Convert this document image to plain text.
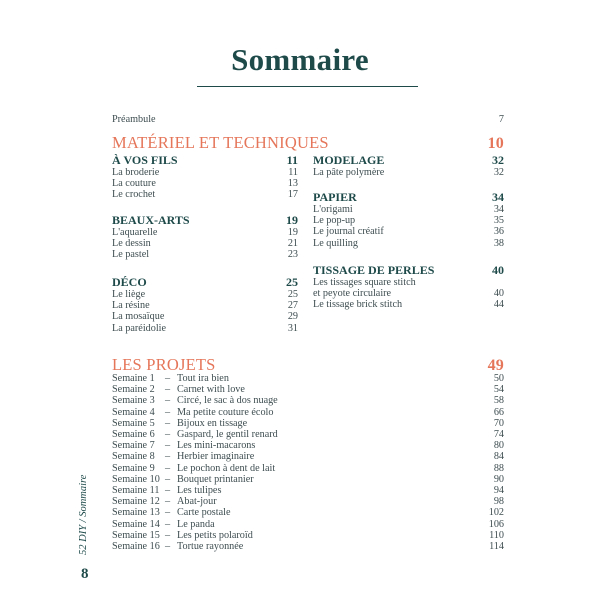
Sommaire
Préambule	7
MATÉRIEL ET TECHNIQUES	10
À VOS FILS	11
La broderie	11
La couture	13
Le crochet	17
BEAUX-ARTS	19
L'aquarelle	19
Le dessin	21
Le pastel	23
DÉCO	25
Le liège	25
La résine	27
La mosaïque	29
La paréidolie	31
MODELAGE	32
La pâte polymère	32
PAPIER	34
L'origami	34
Le pop-up	35
Le journal créatif	36
Le quilling	38
TISSAGE DE PERLES	40
Les tissages square stitch
et peyote circulaire	40
Le tissage brick stitch	44
LES PROJETS	49
Semaine 1	– Tout ira bien	50
Semaine 2	– Carnet with love	54
Semaine 3	– Circé, le sac à dos nuage	58
Semaine 4	– Ma petite couture écolo	66
Semaine 5	– Bijoux en tissage	70
Semaine 6	– Gaspard, le gentil renard	74
Semaine 7	– Les mini-macarons	80
Semaine 8	– Herbier imaginaire	84
Semaine 9	– Le pochon à dent de lait	88
Semaine 10 – Bouquet printanier	90
Semaine 11 – Les tulipes	94
Semaine 12 – Abat-jour	98
Semaine 13 – Carte postale	102
Semaine 14 – Le panda	106
Semaine 15 – Les petits polaroïd	110
Semaine 16 – Tortue rayonnée	114
52 DIY / Sommaire
8
